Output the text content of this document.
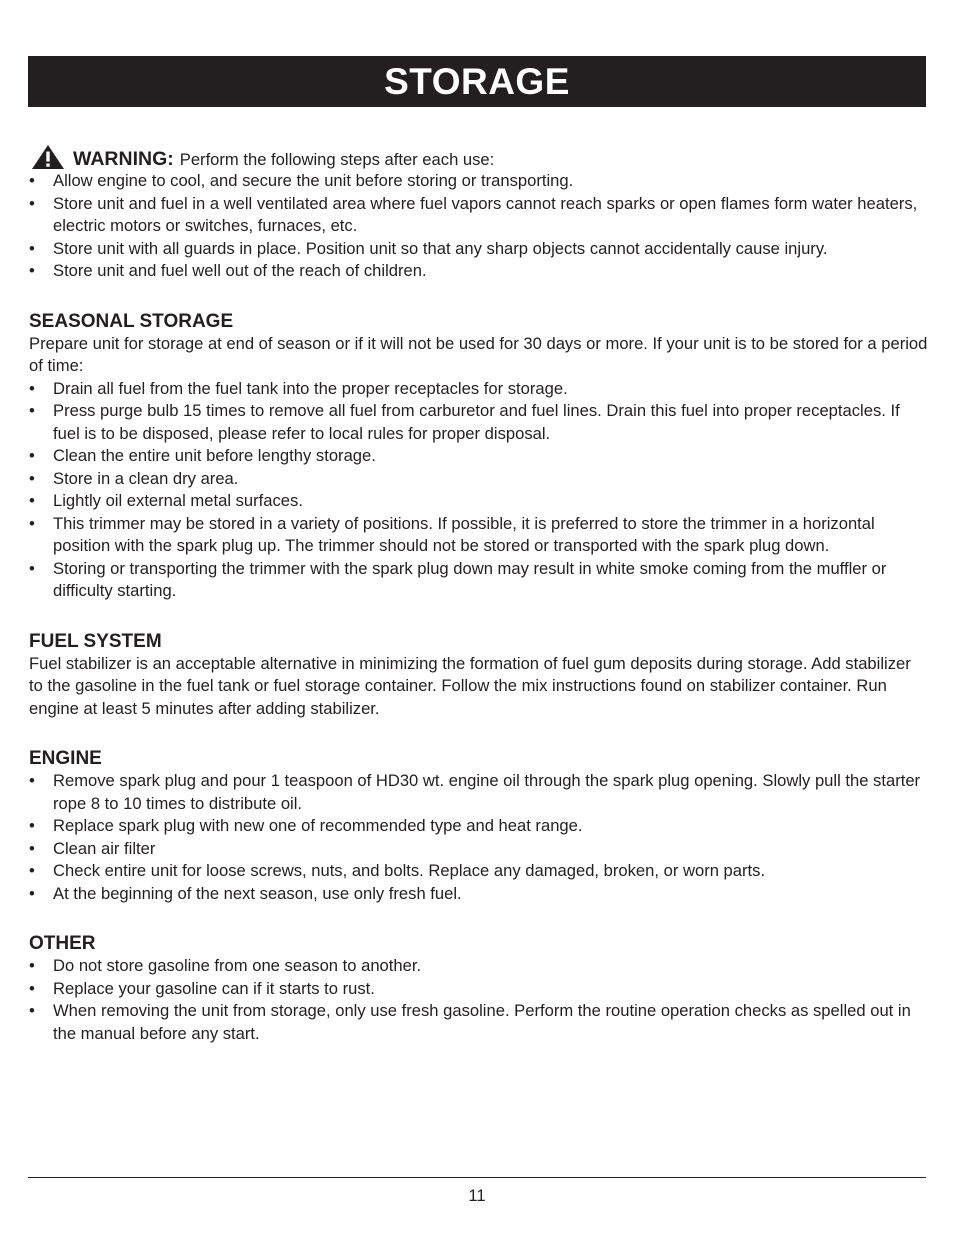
STORAGE
WARNING: Perform the following steps after each use:
• Allow engine to cool, and secure the unit before storing or transporting.
• Store unit and fuel in a well ventilated area where fuel vapors cannot reach sparks or open flames form water heaters, electric motors or switches, furnaces, etc.
• Store unit with all guards in place. Position unit so that any sharp objects cannot accidentally cause injury.
• Store unit and fuel well out of the reach of children.
SEASONAL STORAGE

Prepare unit for storage at end of season or if it will not be used for 30 days or more. If your unit is to be stored for a period of time:

• Drain all fuel from the fuel tank into the proper receptacles for storage.
• Press purge bulb 15 times to remove all fuel from carburetor and fuel lines. Drain this fuel into proper receptacles. If fuel is to be disposed, please refer to local rules for proper disposal.
• Clean the entire unit before lengthy storage.
• Store in a clean dry area.
• Lightly oil external metal surfaces.
• This trimmer may be stored in a variety of positions. If possible, it is preferred to store the trimmer in a horizontal position with the spark plug up. The trimmer should not be stored or transported with the spark plug down.
• Storing or transporting the trimmer with the spark plug down may result in white smoke coming from the muffler or difficulty starting.
FUEL SYSTEM

Fuel stabilizer is an acceptable alternative in minimizing the formation of fuel gum deposits during storage. Add stabilizer to the gasoline in the fuel tank or fuel storage container. Follow the mix instructions found on stabilizer container. Run engine at least 5 minutes after adding stabilizer.

ENGINE
• Remove spark plug and pour 1 teaspoon of HD30 wt. engine oil through the spark plug opening. Slowly pull the starter rope 8 to 10 times to distribute oil.
• Replace spark plug with new one of recommended type and heat range.
• Clean air filter
• Check entire unit for loose screws, nuts, and bolts. Replace any damaged, broken, or worn parts.
• At the beginning of the next season, use only fresh fuel.
OTHER
• Do not store gasoline from one season to another.
• Replace your gasoline can if it starts to rust.
• When removing the unit from storage, only use fresh gasoline. Perform the routine operation checks as spelled out in the manual before any start.
11
